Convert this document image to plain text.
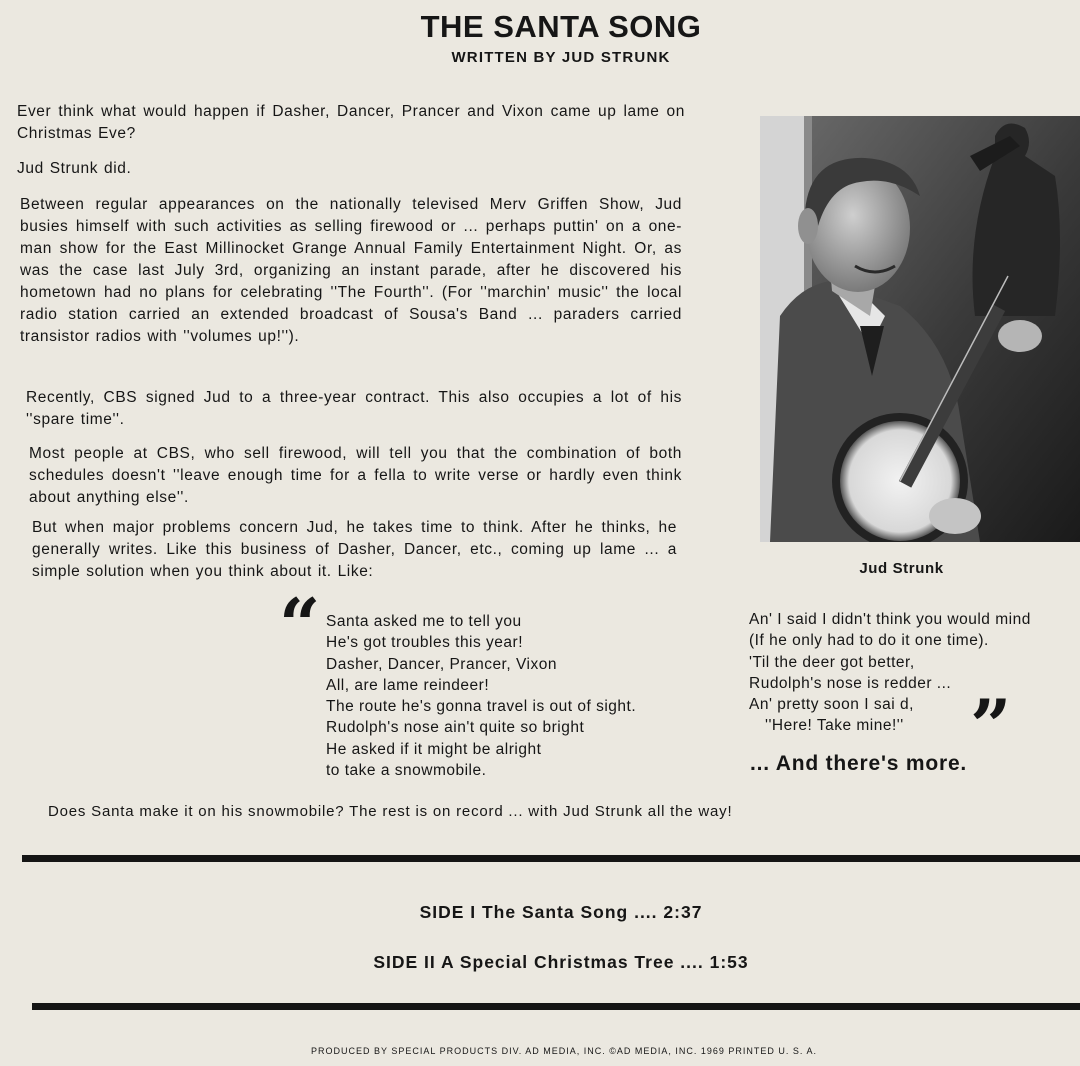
THE SANTA SONG
WRITTEN BY JUD STRUNK
Ever think what would happen if Dasher, Dancer, Prancer and Vixon came up lame on Christmas Eve?
Jud Strunk did.
Between regular appearances on the nationally televised Merv Griffen Show, Jud busies himself with such activities as selling firewood or ... perhaps puttin' on a one-man show for the East Millinocket Grange Annual Family Entertainment Night. Or, as was the case last July 3rd, organizing an instant parade, after he discovered his hometown had no plans for celebrating ''The Fourth''. (For ''marchin' music'' the local radio station carried an extended broadcast of Sousa's Band ... paraders carried transistor radios with ''volumes up!'').
Recently, CBS signed Jud to a three-year contract. This also occupies a lot of his ''spare time''.
Most people at CBS, who sell firewood, will tell you that the combination of both schedules doesn't ''leave enough time for a fella to write verse or hardly even think about anything else''.
But when major problems concern Jud, he takes time to think. After he thinks, he generally writes. Like this business of Dasher, Dancer, etc., coming up lame ... a simple solution when you think about it. Like:	Jud Strunk
“ Santa asked me to tell you
He's got troubles this year!
Dasher, Dancer, Prancer, Vixon
All, are lame reindeer!
The route he's gonna travel is out of sight.
Rudolph's nose ain't quite so bright
He asked if it might be alright
to take a snowmobile.
An' I said I didn't think you would mind
(If he only had to do it one time).
'Til the deer got better,
Rudolph's nose is redder ...
An' pretty soon I sai d,
''Here! Take mine!'' ”
... And there's more.
Does Santa make it on his snowmobile? The rest is on record ... with Jud Strunk all the way!
SIDE I The Santa Song .... 2:37
SIDE II A Special Christmas Tree .... 1:53
PRODUCED BY SPECIAL PRODUCTS DIV. AD MEDIA, INC. ©AD MEDIA, INC. 1969 PRINTED U. S. A.
